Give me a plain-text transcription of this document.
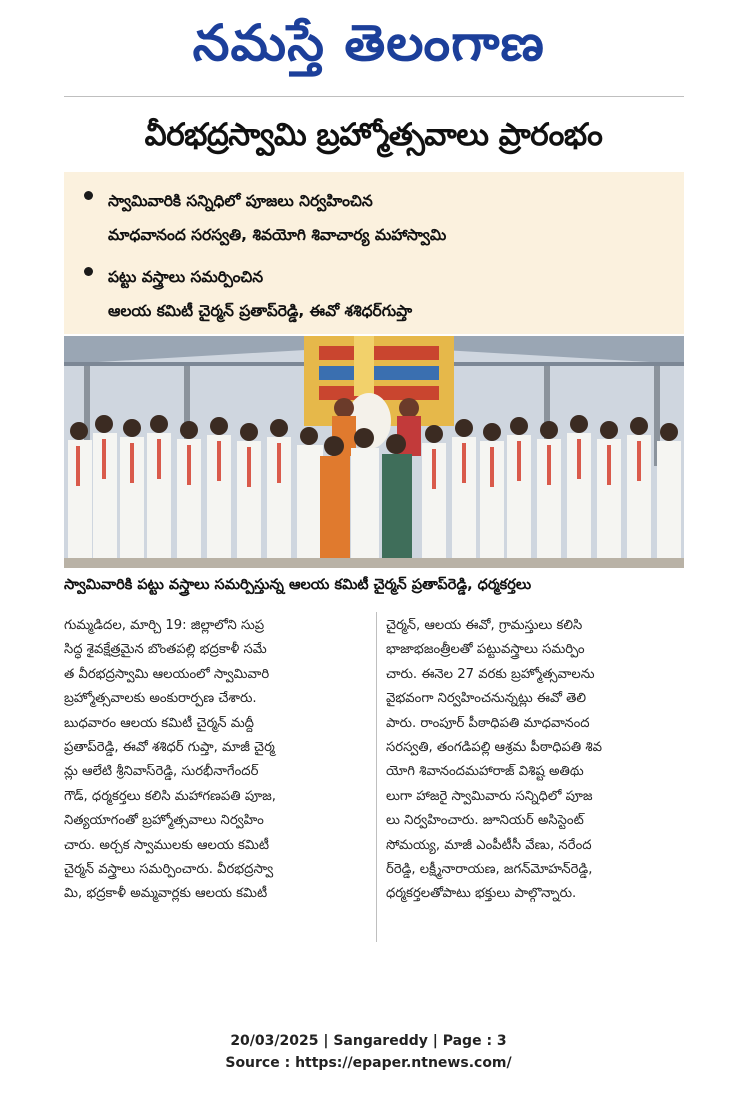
నమస్తే తెలంగాణ
వీరభద్రస్వామి బ్రహ్మోత్సవాలు ప్రారంభం
స్వామివారికి సన్నిధిలో పూజలు నిర్వహించిన
మాధవానంద సరస్వతి, శివయోగి శివాచార్య మహాస్వామి
పట్టు వస్త్రాలు సమర్పించిన
ఆలయ కమిటీ చైర్మన్ ప్రతాప్‌రెడ్డి, ఈవో శశిధర్‌గుప్తా
స్వామివారికి పట్టు వస్త్రాలు సమర్పిస్తున్న ఆలయ కమిటీ చైర్మన్ ప్రతాప్‌రెడ్డి, ధర్మకర్తలు
గుమ్మడిదల, మార్చి 19: జిల్లాలోని సుప్ర
సిద్ధ శైవక్షేత్రమైన బొంతపల్లి భద్రకాళీ సమే
త వీరభద్రస్వామి ఆలయంలో స్వామివారి
బ్రహ్మోత్సవాలకు అంకురార్పణ చేశారు.
బుధవారం ఆలయ కమిటీ చైర్మన్ మద్దీ
ప్రతాప్‌రెడ్డి, ఈవో శశిధర్ గుప్తా, మాజీ చైర్మ
న్లు ఆలేటి శ్రీనివాస్‌రెడ్డి, సురభీనాగేందర్
గౌడ్, ధర్మకర్తలు కలిసి మహాగణపతి పూజ,
నిత్యయాగంతో బ్రహ్మోత్సవాలు నిర్వహిం
చారు. అర్చక స్వాములకు ఆలయ కమిటీ
చైర్మన్ వస్త్రాలు సమర్పించారు. వీరభద్రస్వా
మి, భద్రకాళీ అమ్మవార్లకు ఆలయ కమిటీ
చైర్మన్, ఆలయ ఈవో, గ్రామస్తులు కలిసి
భాజాభజంత్రీలతో పట్టువస్త్రాలు సమర్పిం
చారు. ఈనెల 27 వరకు బ్రహ్మోత్సవాలను
వైభవంగా నిర్వహించనున్నట్లు ఈవో తెలి
పారు. రాంపూర్ పీఠాధిపతి మాధవానంద
సరస్వతి, తంగడిపల్లి ఆశ్రమ పీఠాధిపతి శివ
యోగి శివానందమహారాజ్ విశిష్ట అతిథు
లుగా హాజరై స్వామివారు సన్నిధిలో పూజ
లు నిర్వహించారు. జూనియర్ అసిస్టెంట్
సోమయ్య, మాజీ ఎంపీటీసీ వేణు, నరేంద
ర్‌రెడ్డి, లక్ష్మీనారాయణ, జగన్‌మోహన్‌రెడ్డి,
ధర్మకర్తలతోపాటు భక్తులు పాల్గొన్నారు.
20/03/2025 | Sangareddy | Page : 3
Source : https://epaper.ntnews.com/
